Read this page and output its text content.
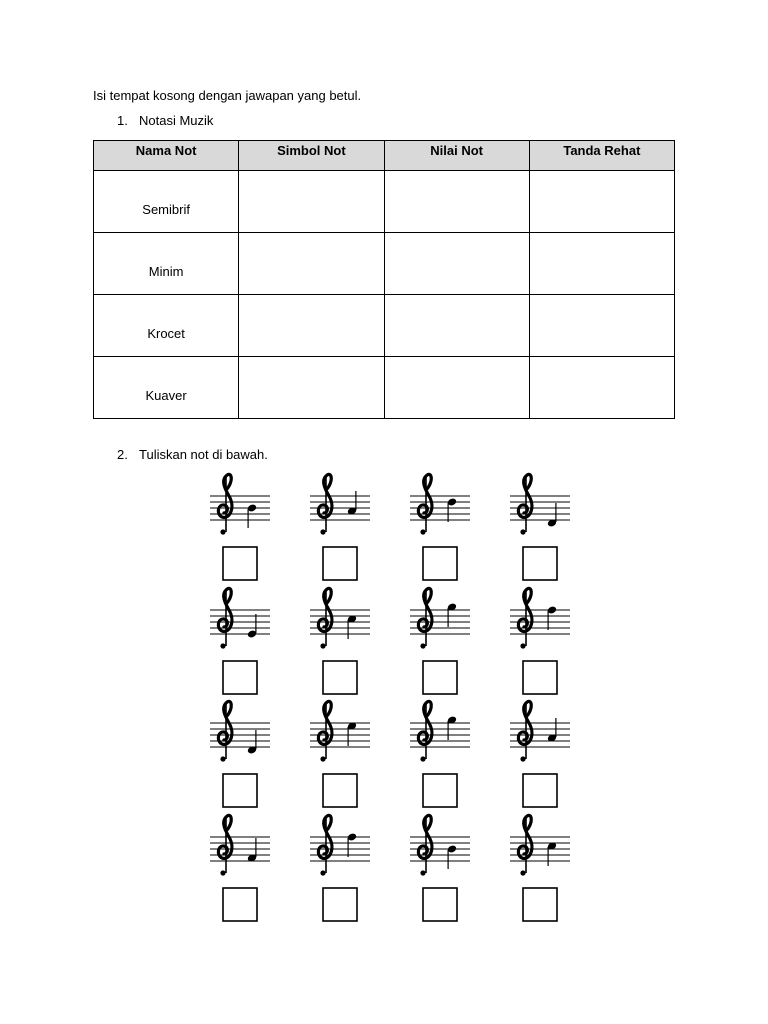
Isi tempat kosong dengan jawapan yang betul.
1. Notasi Muzik
Nama Not	Simbol Not	Nilai Not	Tanda Rehat
Semibrif			
Minim			
Krocet			
Kuaver			
2. Tuliskan not di bawah.
